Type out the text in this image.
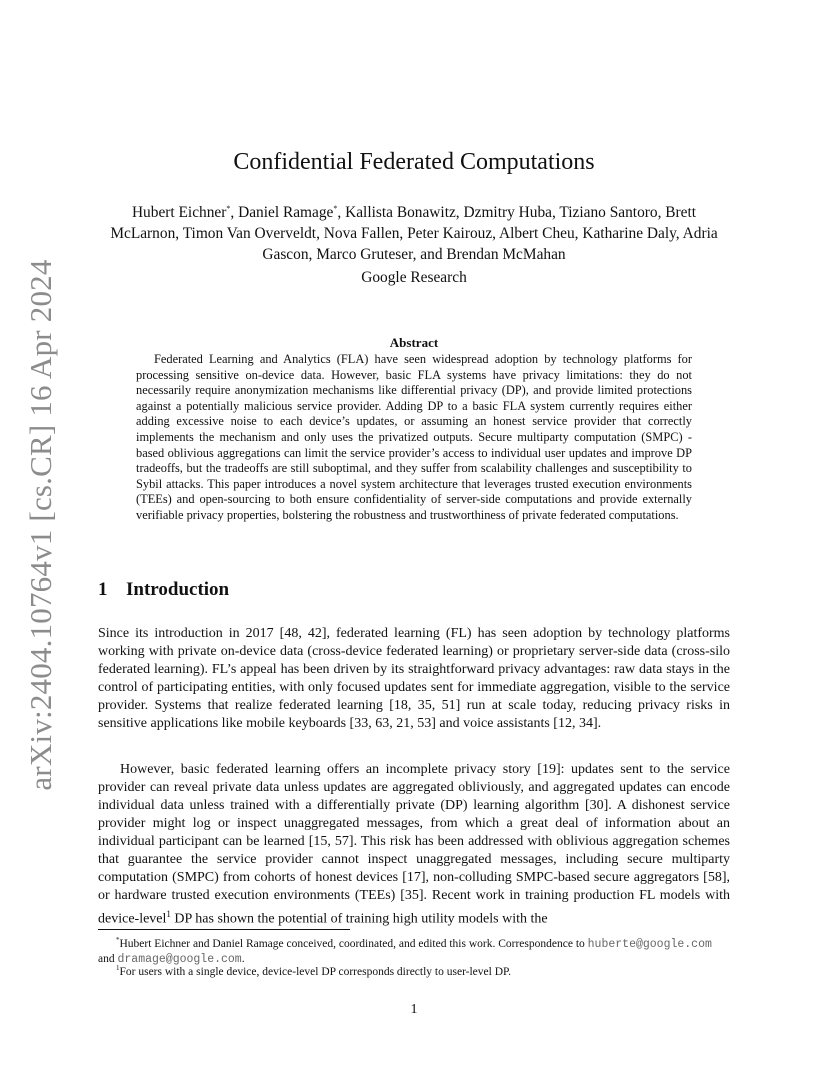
arXiv:2404.10764v1 [cs.CR] 16 Apr 2024
Confidential Federated Computations
Hubert Eichner*, Daniel Ramage*, Kallista Bonawitz, Dzmitry Huba, Tiziano Santoro, Brett McLarnon, Timon Van Overveldt, Nova Fallen, Peter Kairouz, Albert Cheu, Katharine Daly, Adria Gascon, Marco Gruteser, and Brendan McMahan
Google Research
Abstract
Federated Learning and Analytics (FLA) have seen widespread adoption by technology platforms for processing sensitive on-device data. However, basic FLA systems have privacy limitations: they do not necessarily require anonymization mechanisms like differential privacy (DP), and provide limited protections against a potentially malicious service provider. Adding DP to a basic FLA system currently requires either adding excessive noise to each device’s updates, or assuming an honest service provider that correctly implements the mechanism and only uses the privatized outputs. Secure multiparty computation (SMPC) -based oblivious aggregations can limit the service provider’s access to individual user updates and improve DP tradeoffs, but the tradeoffs are still suboptimal, and they suffer from scalability challenges and susceptibility to Sybil attacks. This paper introduces a novel system architecture that leverages trusted execution environments (TEEs) and open-sourcing to both ensure confidentiality of server-side computations and provide externally verifiable privacy properties, bolstering the robustness and trustworthiness of private federated computations.
1 Introduction
Since its introduction in 2017 [48, 42], federated learning (FL) has seen adoption by technology platforms working with private on-device data (cross-device federated learning) or proprietary server-side data (cross-silo federated learning). FL’s appeal has been driven by its straightforward privacy advantages: raw data stays in the control of participating entities, with only focused updates sent for immediate aggregation, visible to the service provider. Systems that realize federated learning [18, 35, 51] run at scale today, reducing privacy risks in sensitive applications like mobile keyboards [33, 63, 21, 53] and voice assistants [12, 34].
However, basic federated learning offers an incomplete privacy story [19]: updates sent to the service provider can reveal private data unless updates are aggregated obliviously, and aggregated updates can encode individual data unless trained with a differentially private (DP) learning algorithm [30]. A dishonest service provider might log or inspect unaggregated messages, from which a great deal of information about an individual participant can be learned [15, 57]. This risk has been addressed with oblivious aggregation schemes that guarantee the service provider cannot inspect unaggregated messages, including secure multiparty computation (SMPC) from cohorts of honest devices [17], non-colluding SMPC-based secure aggregators [58], or hardware trusted execution environments (TEEs) [35]. Recent work in training production FL models with device-level$^1$ DP has shown the potential of training high utility models with the
*Hubert Eichner and Daniel Ramage conceived, coordinated, and edited this work. Correspondence to huberte@google.com and dramage@google.com.
$^1$For users with a single device, device-level DP corresponds directly to user-level DP.
1
